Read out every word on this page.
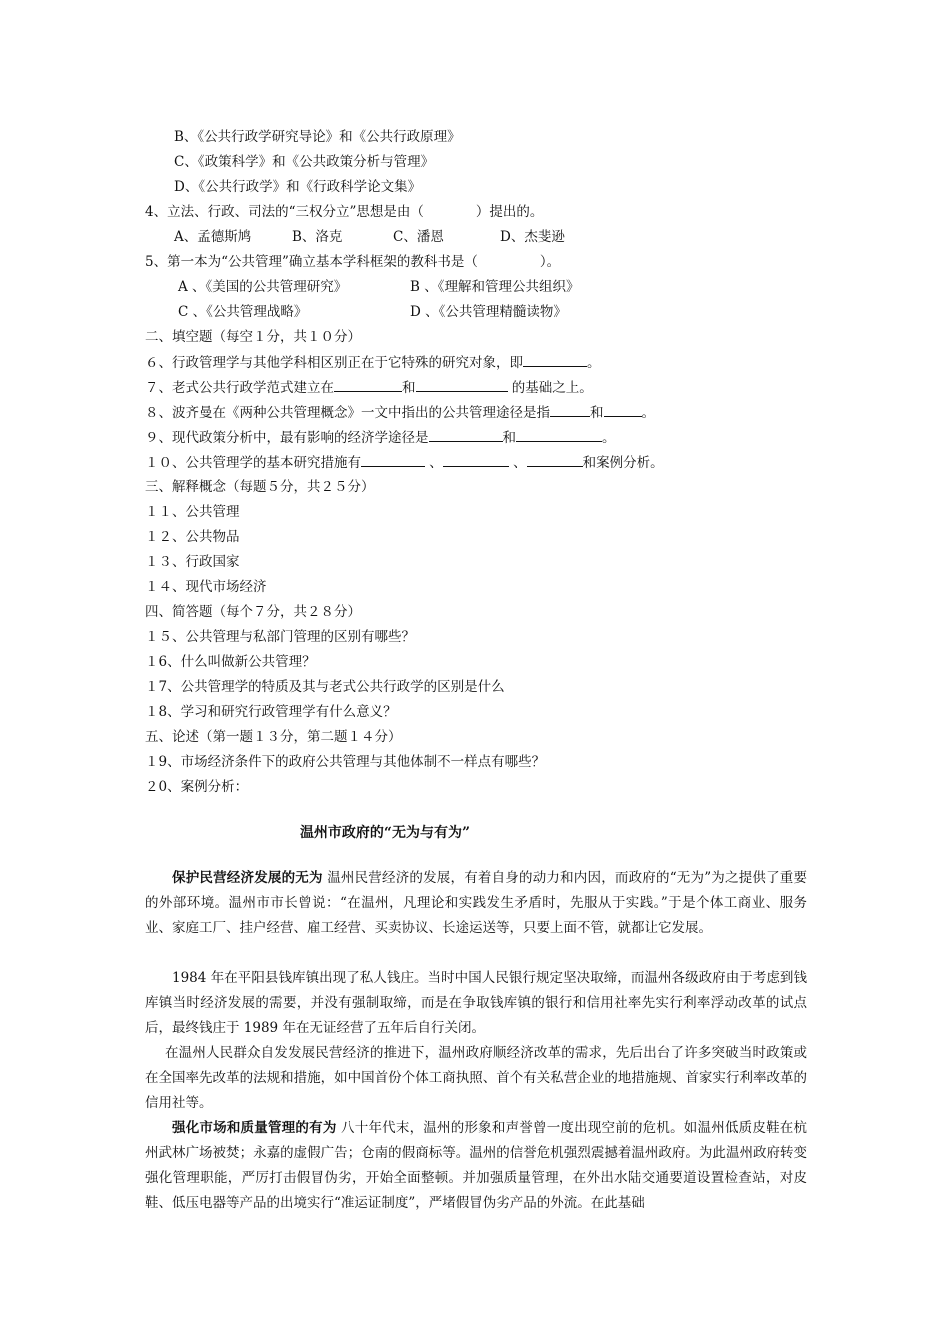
B、《公共行政学研究导论》和《公共行政原理》
C、《政策科学》和《公共政策分析与管理》
D、《公共行政学》和《行政科学论文集》
4、立法、行政、司法的“三权分立”思想是由（	）提出的。
A、孟德斯鸠	B、洛克	C、潘恩	D、杰斐逊
5、第一本为“公共管理”确立基本学科框架的教科书是（	）。
A 、《美国的公共管理研究》	B 、《理解和管理公共组织》
C 、《公共管理战略》	D 、《公共管理精髓读物》
二、填空题（每空１分，共１０分）
６、行政管理学与其他学科相区别正在于它特殊的研究对象，即	。
７、老式公共行政学范式建立在	和	的基础之上。
８、波齐曼在《两种公共管理概念》一文中指出的公共管理途径是指	和	。
９、现代政策分析中，最有影响的经济学途径是	和	。
１０、公共管理学的基本研究措施有	、	、	和案例分析。
三、解释概念（每题５分，共２５分）
１１、公共管理
１２、公共物品
１３、行政国家
１４、现代市场经济
四、简答题（每个７分，共２８分）
１５、公共管理与私部门管理的区别有哪些？
１6、什么叫做新公共管理？
１7、公共管理学的特质及其与老式公共行政学的区别是什么
１8、学习和研究行政管理学有什么意义？
五、论述（第一题１３分，第二题１４分）
１9、市场经济条件下的政府公共管理与其他体制不一样点有哪些？
２0、案例分析：
温州市政府的“无为与有为”
保护民营经济发展的无为 温州民营经济的发展，有着自身的动力和内因，而政府的“无为”为之提供了重要的外部环境。温州市市长曾说：“在温州，凡理论和实践发生矛盾时，先服从于实践。”于是个体工商业、服务业、家庭工厂、挂户经营、雇工经营、买卖协议、长途运送等，只要上面不管，就都让它发展。
1984 年在平阳县钱库镇出现了私人钱庄。当时中国人民银行规定坚决取缔，而温州各级政府由于考虑到钱库镇当时经济发展的需要，并没有强制取缔，而是在争取钱库镇的银行和信用社率先实行利率浮动改革的试点后，最终钱庄于 1989 年在无证经营了五年后自行关闭。
在温州人民群众自发发展民营经济的推进下，温州政府顺经济改革的需求，先后出台了许多突破当时政策或在全国率先改革的法规和措施，如中国首份个体工商执照、首个有关私营企业的地措施规、首家实行利率改革的信用社等。
强化市场和质量管理的有为 八十年代末，温州的形象和声誉曾一度出现空前的危机。如温州低质皮鞋在杭州武林广场被焚；永嘉的虚假广告；仓南的假商标等。温州的信誉危机强烈震撼着温州政府。为此温州政府转变强化管理职能，严厉打击假冒伪劣，开始全面整顿。并加强质量管理，在外出水陆交通要道设置检查站，对皮鞋、低压电器等产品的出境实行“准运证制度”，严堵假冒伪劣产品的外流。在此基础
